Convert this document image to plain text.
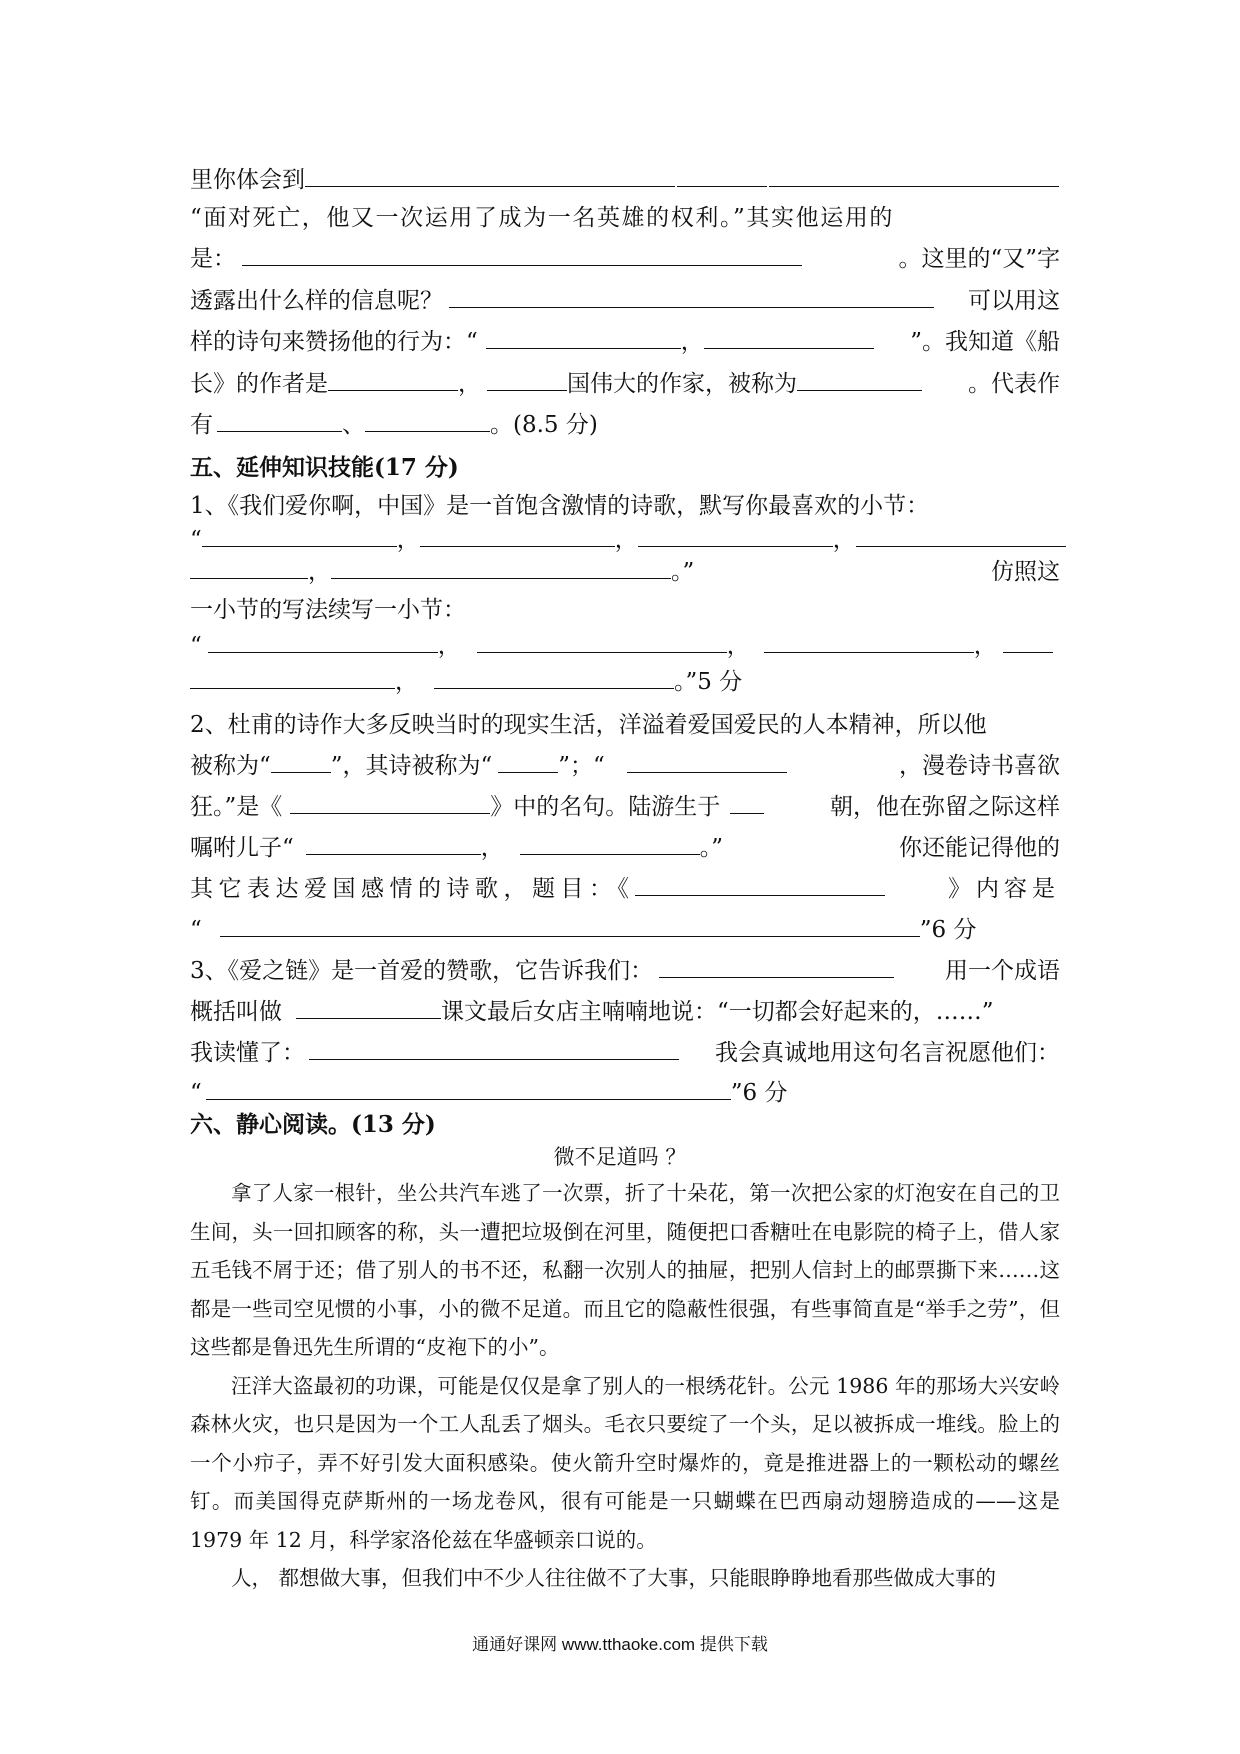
里你体会到
“面对死亡，他又一次运用了成为一名英雄的权利。”其实他运用的
是：	。这里的“又”字
透露出什么样的信息呢？	可以用这
样的诗句来赞扬他的行为：“	，	”。我知道《船
长》的作者是	，	国伟大的作家，被称为	。代表作
有	、	。(8.5 分)
五、延伸知识技能(17 分)
1、《我们爱你啊，中国》是一首饱含激情的诗歌，默写你最喜欢的小节：
“	，	，	，
，	。”	仿照这
一小节的写法续写一小节：
“	，	，	，
，	。”5 分
2、杜甫的诗作大多反映当时的现实生活，洋溢着爱国爱民的人本精神，所以他
被称为“	”，其诗被称为“	”；“	，漫卷诗书喜欲
狂。”是《	》中的名句。陆游生于	朝，他在弥留之际这样
嘱咐儿子“	，	。”	你还能记得他的
其它表达爱国感情的诗歌，题目：《	》内容是
“	”6 分
3、《爱之链》是一首爱的赞歌，它告诉我们：	用一个成语
概括叫做	课文最后女店主喃喃地说：“一切都会好起来的，……”
我读懂了：	我会真诚地用这句名言祝愿他们：
“	”6 分
六、静心阅读。(13 分)
微不足道吗 ？

拿了人家一根针，坐公共汽车逃了一次票，折了十朵花，第一次把公家的灯泡安在自己的卫生间，头一回扣顾客的称，头一遭把垃圾倒在河里，随便把口香糖吐在电影院的椅子上，借人家五毛钱不屑于还；借了别人的书不还，私翻一次别人的抽屉，把别人信封上的邮票撕下来……这都是一些司空见惯的小事，小的微不足道。而且它的隐蔽性很强，有些事简直是“举手之劳”，但这些都是鲁迅先生所谓的“皮袍下的小”。

汪洋大盗最初的功课，可能是仅仅是拿了别人的一根绣花针。公元 1986 年的那场大兴安岭森林火灾，也只是因为一个工人乱丢了烟头。毛衣只要绽了一个头，足以被拆成一堆线。脸上的一个小疖子，弄不好引发大面积感染。使火箭升空时爆炸的，竟是推进器上的一颗松动的螺丝钉。而美国得克萨斯州的一场龙卷风，很有可能是一只蝴蝶在巴西扇动翅膀造成的——这是 1979 年 12 月，科学家洛伦兹在华盛顿亲口说的。

人， 都想做大事，但我们中不少人往往做不了大事，只能眼睁睁地看那些做成大事的

通通好课网 www.tthaoke.com 提供下载
